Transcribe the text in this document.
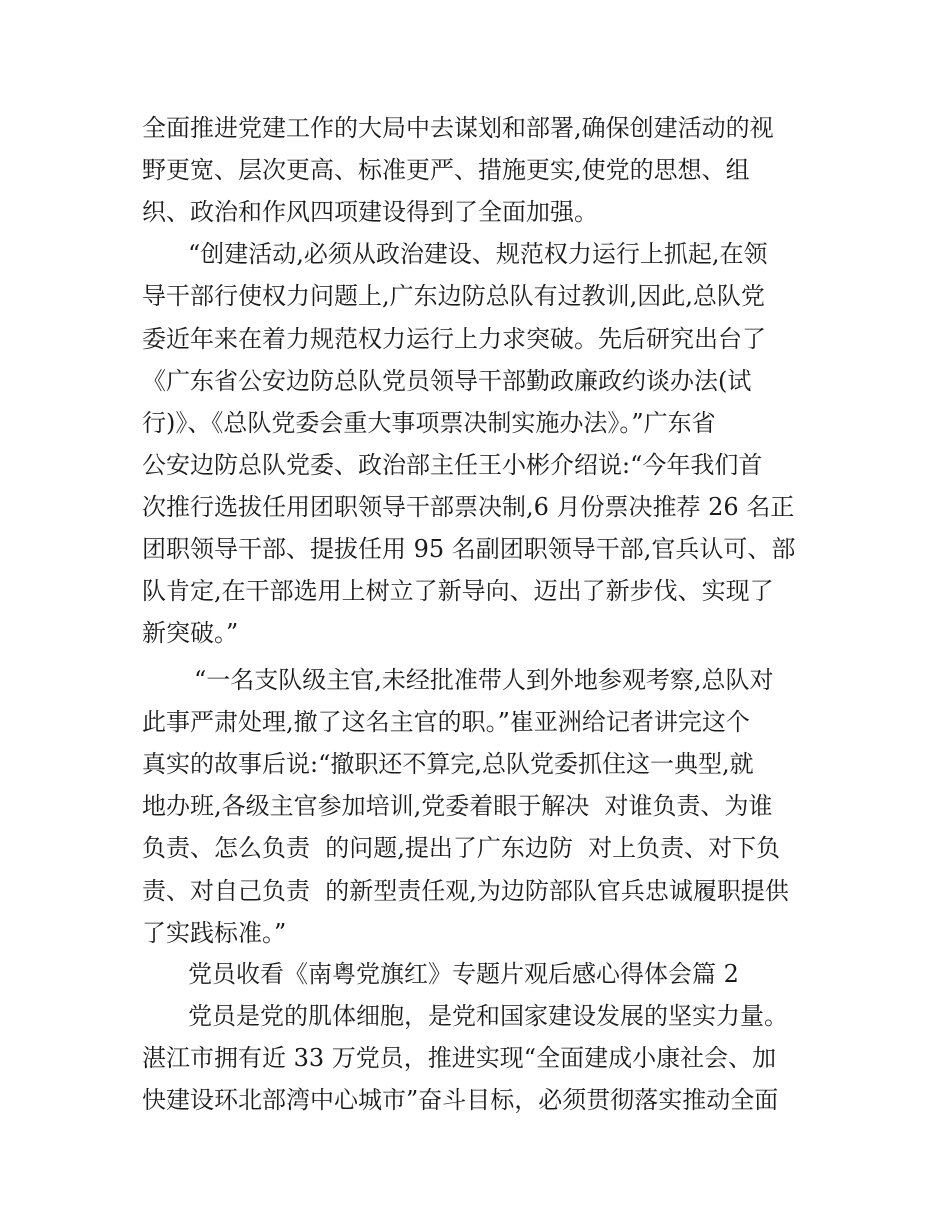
全面推进党建工作的大局中去谋划和部署,确保创建活动的视
野更宽、层次更高、标准更严、措施更实,使党的思想、组
织、政治和作风四项建设得到了全面加强。
“创建活动,必须从政治建设、规范权力运行上抓起,在领
导干部行使权力问题上,广东边防总队有过教训,因此,总队党
委近年来在着力规范权力运行上力求突破。先后研究出台了
《广东省公安边防总队党员领导干部勤政廉政约谈办法(试
行)》、《总队党委会重大事项票决制实施办法》。”广东省
公安边防总队党委、政治部主任王小彬介绍说:“今年我们首
次推行选拔任用团职领导干部票决制,6 月份票决推荐 26 名正
团职领导干部、提拔任用 95 名副团职领导干部,官兵认可、部
队肯定,在干部选用上树立了新导向、迈出了新步伐、实现了
新突破。”
“一名支队级主官,未经批准带人到外地参观考察,总队对
此事严肃处理,撤了这名主官的职。”崔亚洲给记者讲完这个
真实的故事后说:“撤职还不算完,总队党委抓住这一典型,就
地办班,各级主官参加培训,党委着眼于解决  对谁负责、为谁
负责、怎么负责  的问题,提出了广东边防  对上负责、对下负
责、对自己负责  的新型责任观,为边防部队官兵忠诚履职提供
了实践标准。”
党员收看《南粤党旗红》专题片观后感心得体会篇 2
党员是党的肌体细胞，是党和国家建设发展的坚实力量。
湛江市拥有近 33 万党员，推进实现“全面建成小康社会、加
快建设环北部湾中心城市”奋斗目标，必须贯彻落实推动全面
